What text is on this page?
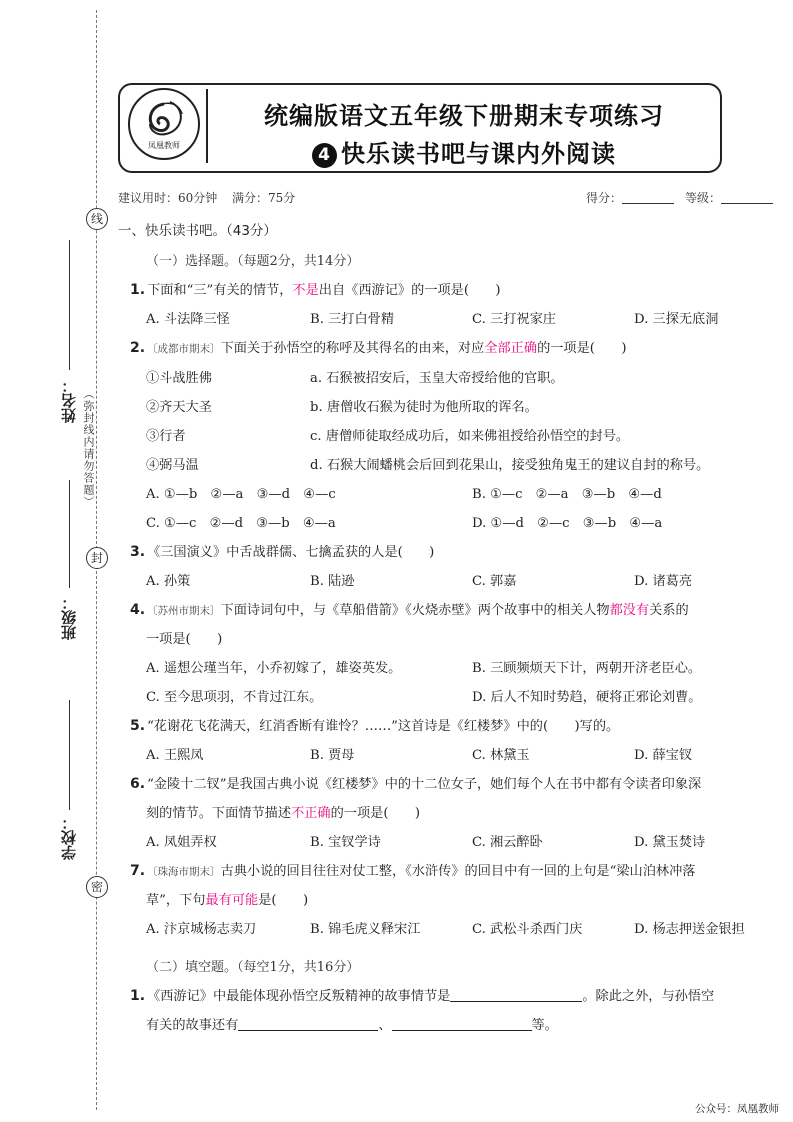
线
封
密
姓名：
班级：
学校：
（弥封线内请勿答题）
凤凰教师
统编版语文五年级下册期末专项练习
4 快乐读书吧与课内外阅读
建议用时：60分钟 满分：75分	得分：	等级：
一、快乐读书吧。（43分）
（一）选择题。（每题2分，共14分）
1. 下面和“三”有关的情节，不是出自《西游记》的一项是(　　)
A. 斗法降三怪	B. 三打白骨精	C. 三打祝家庄	D. 三探无底洞
2. 〔成都市期末〕下面关于孙悟空的称呼及其得名的由来，对应全部正确的一项是(　　)
①斗战胜佛	a. 石猴被招安后，玉皇大帝授给他的官职。
②齐天大圣	b. 唐僧收石猴为徒时为他所取的诨名。
③行者	c. 唐僧师徒取经成功后，如来佛祖授给孙悟空的封号。
④弼马温	d. 石猴大闹蟠桃会后回到花果山，接受独角鬼王的建议自封的称号。
A. ①—b　②—a　③—d　④—c	B. ①—c　②—a　③—b　④—d
C. ①—c　②—d　③—b　④—a	D. ①—d　②—c　③—b　④—a
3. 《三国演义》中舌战群儒、七擒孟获的人是(　　)
A. 孙策	B. 陆逊	C. 郭嘉	D. 诸葛亮
4. 〔苏州市期末〕下面诗词句中，与《草船借箭》《火烧赤壁》两个故事中的相关人物都没有关系的
一项是(　　)
A. 遥想公瑾当年，小乔初嫁了，雄姿英发。	B. 三顾频烦天下计，两朝开济老臣心。
C. 至今思项羽，不肯过江东。	D. 后人不知时势趋，硬将正邪论刘曹。
5. “花谢花飞花满天，红消香断有谁怜？……”这首诗是《红楼梦》中的(　　)写的。
A. 王熙凤	B. 贾母	C. 林黛玉	D. 薛宝钗
6. “金陵十二钗”是我国古典小说《红楼梦》中的十二位女子，她们每个人在书中都有令读者印象深
刻的情节。下面情节描述不正确的一项是(　　)
A. 凤姐弄权	B. 宝钗学诗	C. 湘云醉卧	D. 黛玉焚诗
7. 〔珠海市期末〕古典小说的回目往往对仗工整，《水浒传》的回目中有一回的上句是“梁山泊林冲落
草”，下句最有可能是(　　)
A. 汴京城杨志卖刀	B. 锦毛虎义释宋江	C. 武松斗杀西门庆	D. 杨志押送金银担
（二）填空题。（每空1分，共16分）
1. 《西游记》中最能体现孙悟空反叛精神的故事情节是	。除此之外，与孙悟空
有关的故事还有	、	等。
公众号：凤凰教师
